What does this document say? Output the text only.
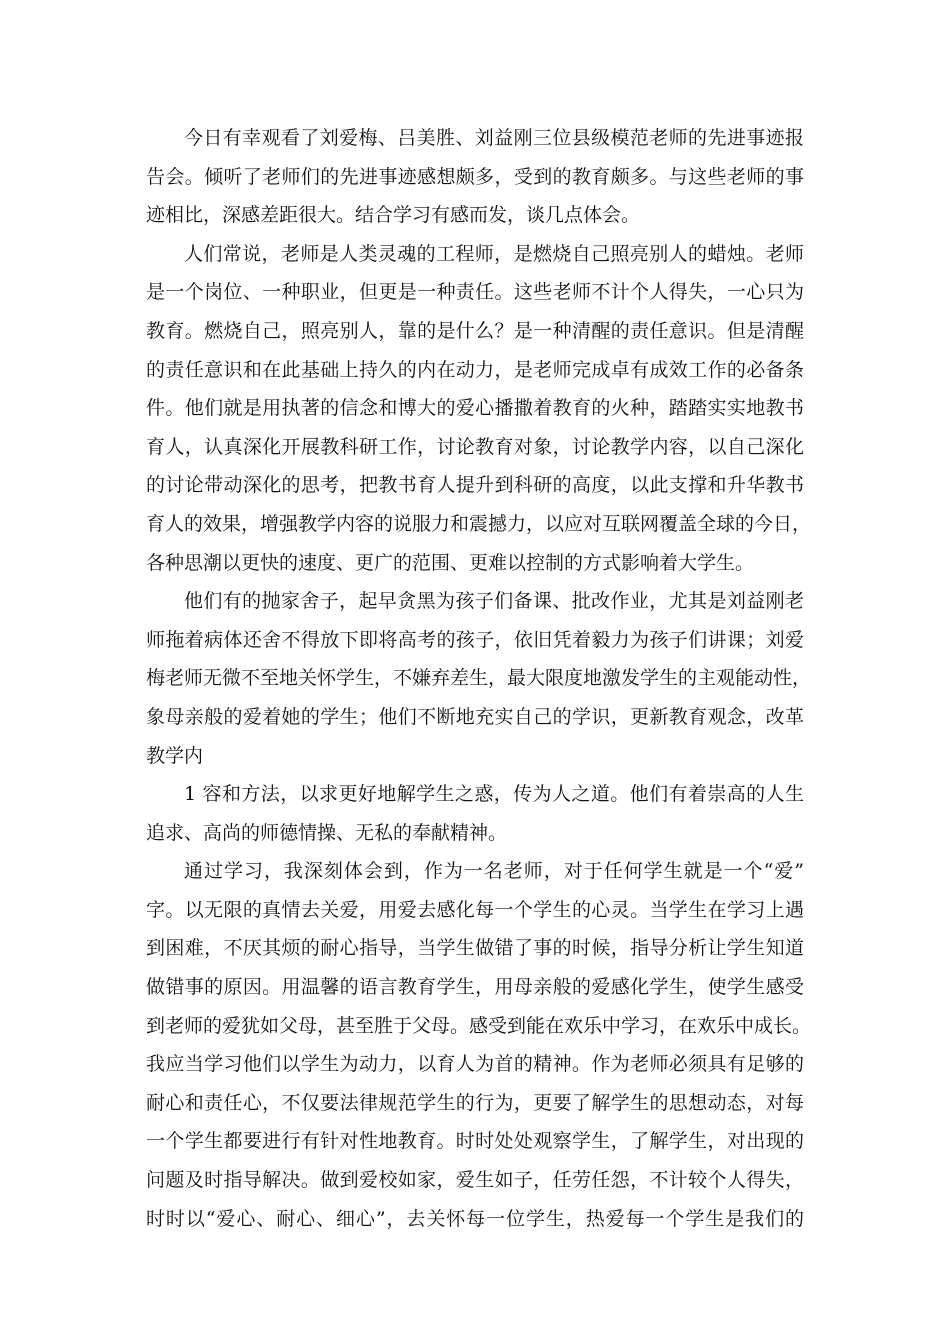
今日有幸观看了刘爱梅、吕美胜、刘益刚三位县级模范老师的先进事迹报
告会。倾听了老师们的先进事迹感想颇多，受到的教育颇多。与这些老师的事
迹相比，深感差距很大。结合学习有感而发，谈几点体会。
人们常说，老师是人类灵魂的工程师，是燃烧自己照亮别人的蜡烛。老师
是一个岗位、一种职业，但更是一种责任。这些老师不计个人得失，一心只为
教育。燃烧自己，照亮别人，靠的是什么？是一种清醒的责任意识。但是清醒
的责任意识和在此基础上持久的内在动力，是老师完成卓有成效工作的必备条
件。他们就是用执著的信念和博大的爱心播撒着教育的火种，踏踏实实地教书
育人，认真深化开展教科研工作，讨论教育对象，讨论教学内容，以自己深化
的讨论带动深化的思考，把教书育人提升到科研的高度，以此支撑和升华教书
育人的效果，增强教学内容的说服力和震撼力，以应对互联网覆盖全球的今日，
各种思潮以更快的速度、更广的范围、更难以控制的方式影响着大学生。
他们有的抛家舍子，起早贪黑为孩子们备课、批改作业，尤其是刘益刚老
师拖着病体还舍不得放下即将高考的孩子，依旧凭着毅力为孩子们讲课；刘爱
梅老师无微不至地关怀学生，不嫌弃差生，最大限度地激发学生的主观能动性，
象母亲般的爱着她的学生；他们不断地充实自己的学识，更新教育观念，改革
教学内
1 容和方法，以求更好地解学生之惑，传为人之道。他们有着崇高的人生
追求、高尚的师德情操、无私的奉献精神。
通过学习，我深刻体会到，作为一名老师，对于任何学生就是一个“爱”
字。以无限的真情去关爱，用爱去感化每一个学生的心灵。当学生在学习上遇
到困难，不厌其烦的耐心指导，当学生做错了事的时候，指导分析让学生知道
做错事的原因。用温馨的语言教育学生，用母亲般的爱感化学生，使学生感受
到老师的爱犹如父母，甚至胜于父母。感受到能在欢乐中学习，在欢乐中成长。
我应当学习他们以学生为动力，以育人为首的精神。作为老师必须具有足够的
耐心和责任心，不仅要法律规范学生的行为，更要了解学生的思想动态，对每
一个学生都要进行有针对性地教育。时时处处观察学生，了解学生，对出现的
问题及时指导解决。做到爱校如家，爱生如子，任劳任怨，不计较个人得失，
时时以“爱心、耐心、细心”，去关怀每一位学生，热爱每一个学生是我们的
